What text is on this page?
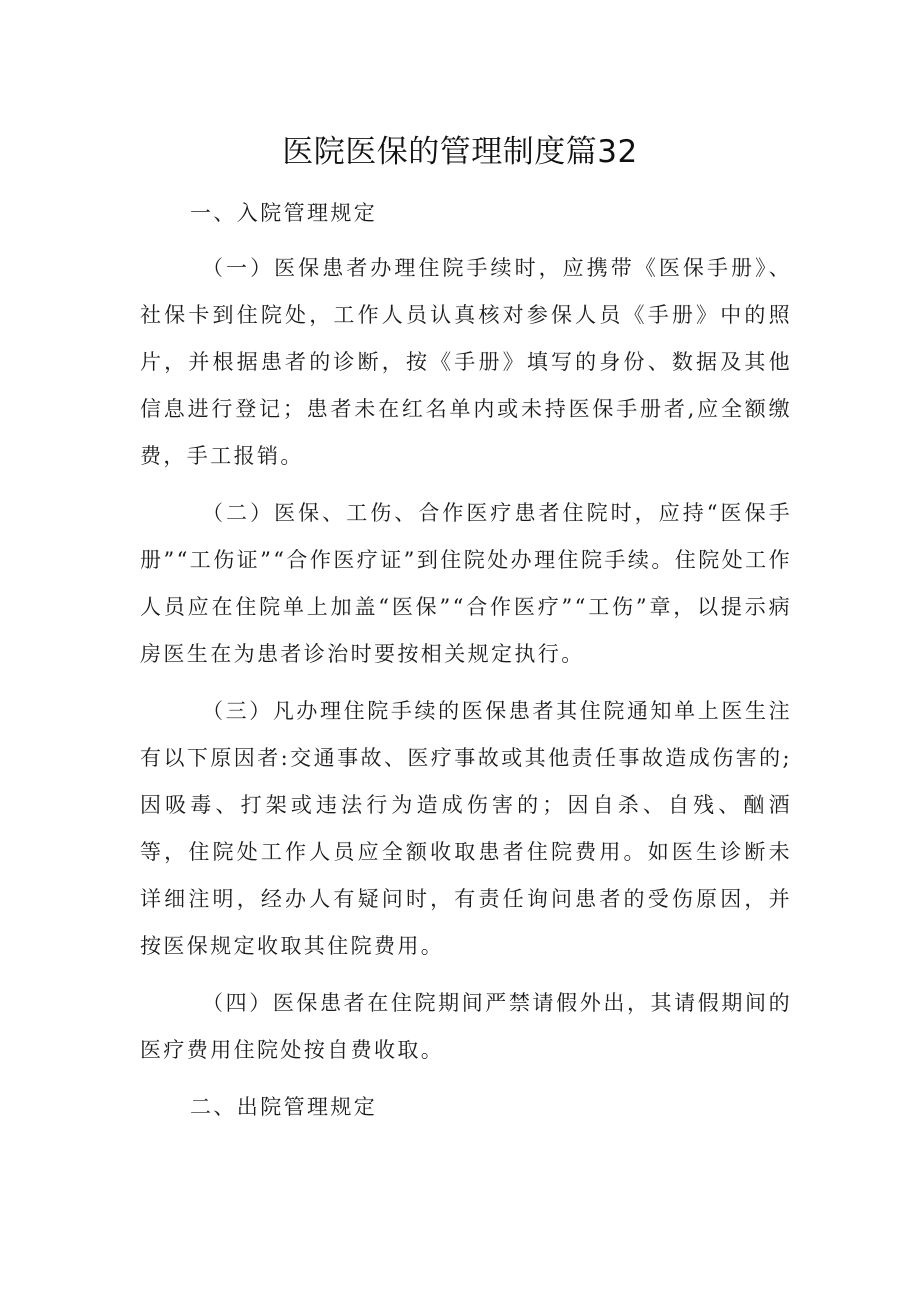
医院医保的管理制度篇32

一、入院管理规定

（一）医保患者办理住院手续时，应携带《医保手册》、社保卡到住院处，工作人员认真核对参保人员《手册》中的照片，并根据患者的诊断，按《手册》填写的身份、数据及其他信息进行登记；患者未在红名单内或未持医保手册者,应全额缴费，手工报销。

（二）医保、工伤、合作医疗患者住院时，应持“医保手册”“工伤证”“合作医疗证”到住院处办理住院手续。住院处工作人员应在住院单上加盖“医保”“合作医疗”“工伤”章，以提示病房医生在为患者诊治时要按相关规定执行。

（三）凡办理住院手续的医保患者其住院通知单上医生注有以下原因者:交通事故、医疗事故或其他责任事故造成伤害的;因吸毒、打架或违法行为造成伤害的；因自杀、自残、酗酒等，住院处工作人员应全额收取患者住院费用。如医生诊断未详细注明，经办人有疑问时，有责任询问患者的受伤原因，并按医保规定收取其住院费用。

（四）医保患者在住院期间严禁请假外出，其请假期间的医疗费用住院处按自费收取。

二、出院管理规定
